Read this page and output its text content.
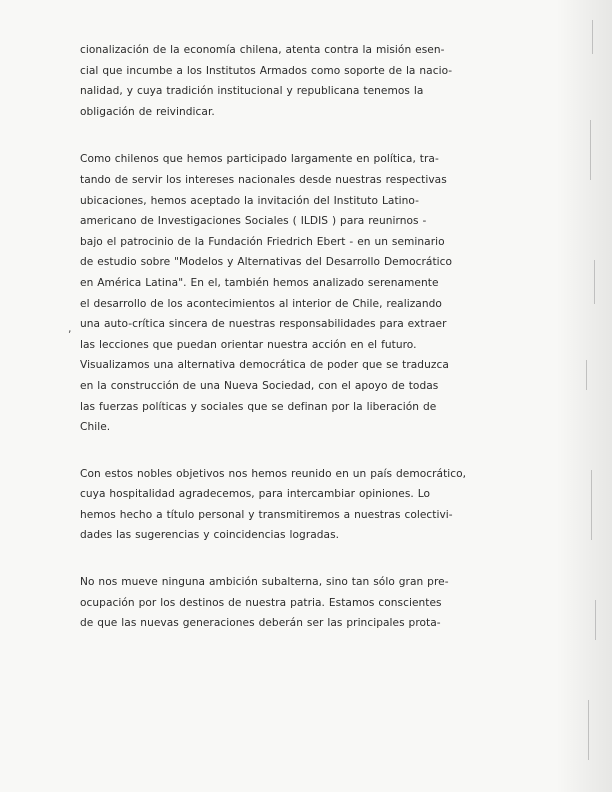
,
cionalización de la economía chilena, atenta contra la misión esen-
cial que incumbe a los Institutos Armados como soporte de la nacio-
nalidad, y cuya tradición institucional y republicana tenemos la
obligación de reivindicar.
Como chilenos que hemos participado largamente en política, tra-
tando de servir los intereses nacionales desde nuestras respectivas
ubicaciones, hemos aceptado la invitación del Instituto Latino-
americano de Investigaciones Sociales ( ILDIS ) para reunirnos -
bajo el patrocinio de la Fundación Friedrich Ebert - en un seminario
de estudio sobre "Modelos y Alternativas del Desarrollo Democrático
en América Latina". En el, también hemos analizado serenamente
el desarrollo de los acontecimientos al interior de Chile, realizando
una auto-crítica sincera de nuestras responsabilidades para extraer
las lecciones que puedan orientar nuestra acción en el futuro.
Visualizamos una alternativa democrática de poder que se traduzca
en la construcción de una Nueva Sociedad, con el apoyo de todas
las fuerzas políticas y sociales que se definan por la liberación de
Chile.
Con estos nobles objetivos nos hemos reunido en un país democrático,
cuya hospitalidad agradecemos, para intercambiar opiniones. Lo
hemos hecho a título personal y transmitiremos a nuestras colectivi-
dades las sugerencias y coincidencias logradas.
No nos mueve ninguna ambición subalterna, sino tan sólo gran pre-
ocupación por los destinos de nuestra patria. Estamos conscientes
de que las nuevas generaciones deberán ser las principales prota-
